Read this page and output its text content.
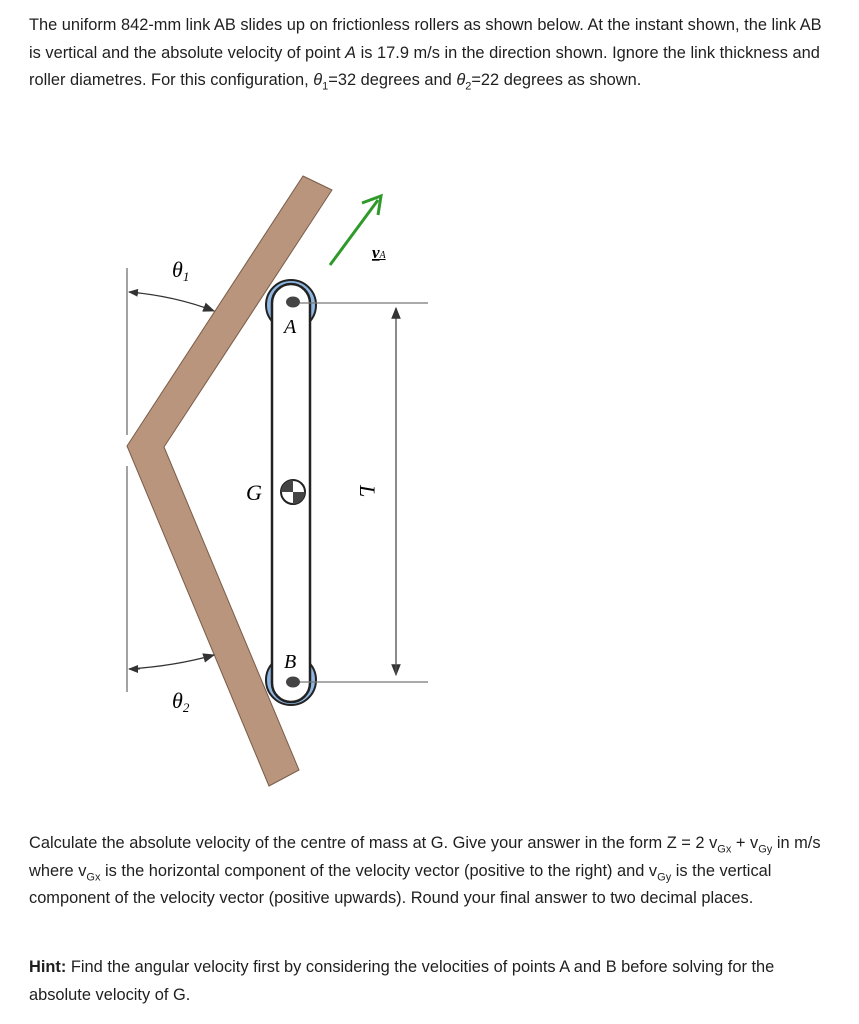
The uniform 842-mm link AB slides up on frictionless rollers as shown below. At the instant shown, the link AB is vertical and the absolute velocity of point A is 17.9 m/s in the direction shown. Ignore the link thickness and roller diametres. For this configuration, $\theta_1=32$ degrees and $\theta_2=22$ degrees as shown.
θ1
θ2
vA
A
B
G	L
Calculate the absolute velocity of the centre of mass at G. Give your answer in the form Z = 2 $v_{Gx} + v_{Gy}$ in m/s where $v_{Gx}$ is the horizontal component of the velocity vector (positive to the right) and $v_{Gy}$ is the vertical component of the velocity vector (positive upwards). Round your final answer to two decimal places.
Hint: Find the angular velocity first by considering the velocities of points A and B before solving for the absolute velocity of G.
